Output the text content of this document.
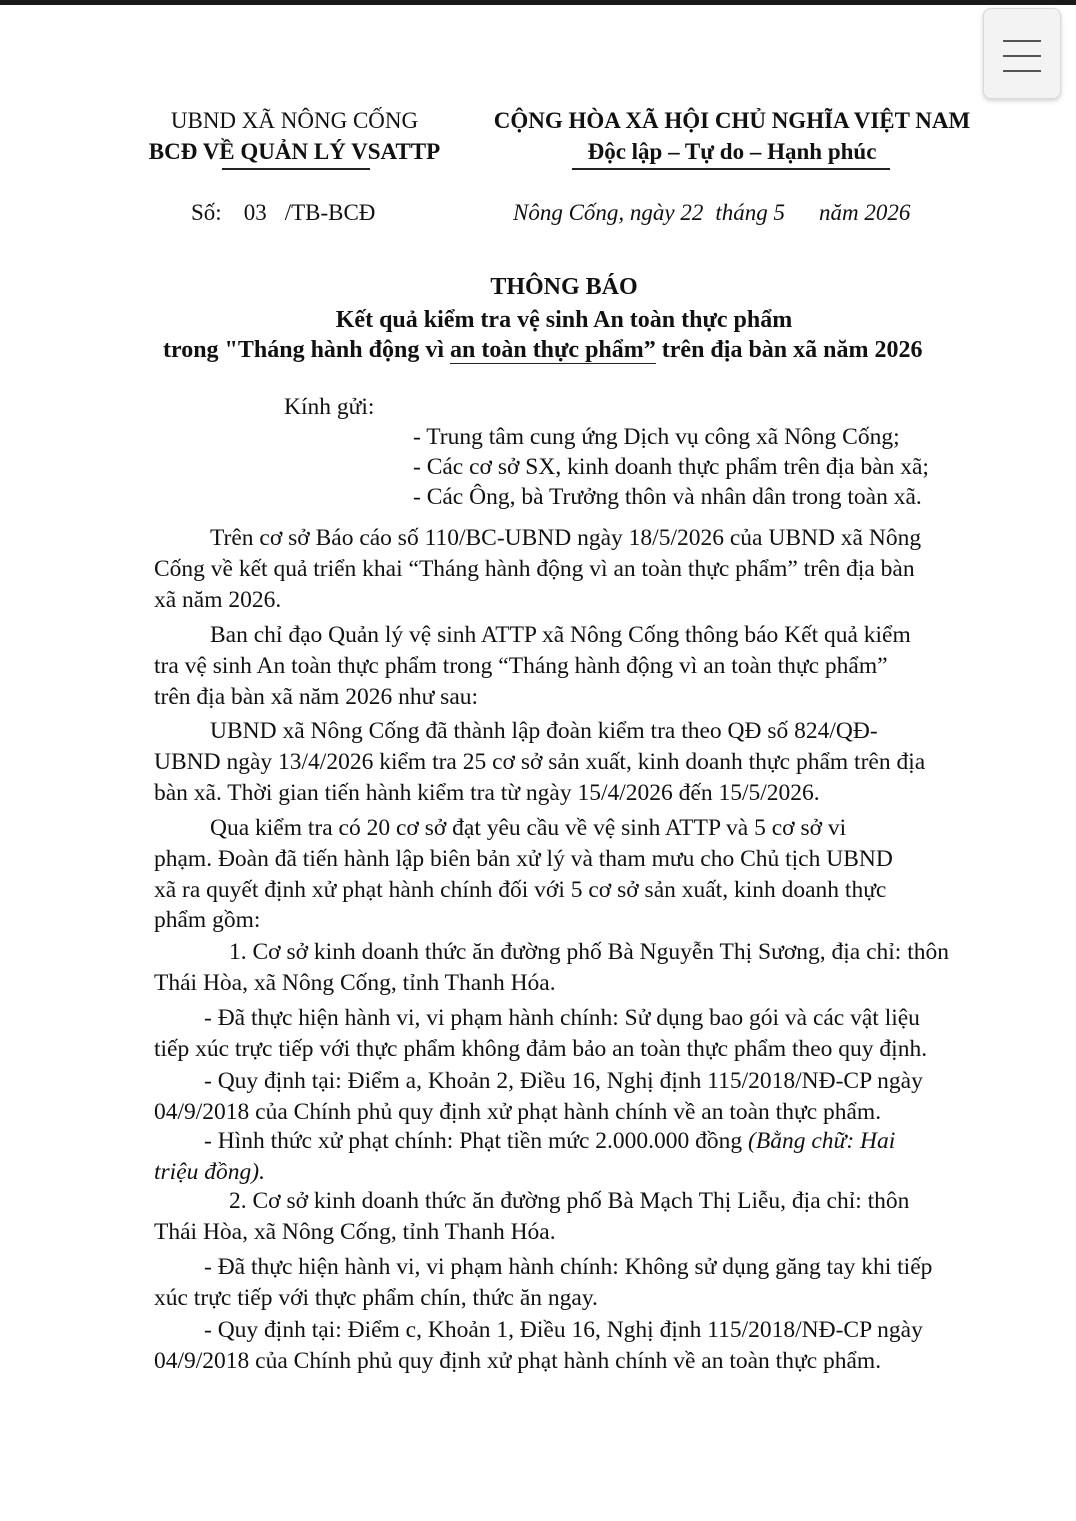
UBND XÃ NÔNG CỐNG
BCĐ VỀ QUẢN LÝ VSATTP
CỘNG HÒA XÃ HỘI CHỦ NGHĨA VIỆT NAM
Độc lập – Tự do – Hạnh phúc
Số: 03 /TB-BCĐ	Nông Cống, ngày 22 tháng 5 năm 2026
THÔNG BÁO
Kết quả kiểm tra vệ sinh An toàn thực phẩm
trong "Tháng hành động vì an toàn thực phẩm” trên địa bàn xã năm 2026
Kính gửi:
- Trung tâm cung ứng Dịch vụ công xã Nông Cống;
- Các cơ sở SX, kinh doanh thực phẩm trên địa bàn xã;
- Các Ông, bà Trưởng thôn và nhân dân trong toàn xã.
Trên cơ sở Báo cáo số 110/BC-UBND ngày 18/5/2026 của UBND xã Nông
Cống về kết quả triển khai “Tháng hành động vì an toàn thực phẩm” trên địa bàn
xã năm 2026.
Ban chỉ đạo Quản lý vệ sinh ATTP xã Nông Cống thông báo Kết quả kiểm
tra vệ sinh An toàn thực phẩm trong “Tháng hành động vì an toàn thực phẩm”
trên địa bàn xã năm 2026 như sau:
UBND xã Nông Cống đã thành lập đoàn kiểm tra theo QĐ số 824/QĐ-
UBND ngày 13/4/2026 kiểm tra 25 cơ sở sản xuất, kinh doanh thực phẩm trên địa
bàn xã. Thời gian tiến hành kiểm tra từ ngày 15/4/2026 đến 15/5/2026.
Qua kiểm tra có 20 cơ sở đạt yêu cầu về vệ sinh ATTP và 5 cơ sở vi
phạm. Đoàn đã tiến hành lập biên bản xử lý và tham mưu cho Chủ tịch UBND
xã ra quyết định xử phạt hành chính đối với 5 cơ sở sản xuất, kinh doanh thực
phẩm gồm:
1. Cơ sở kinh doanh thức ăn đường phố Bà Nguyễn Thị Sương, địa chỉ: thôn
Thái Hòa, xã Nông Cống, tỉnh Thanh Hóa.
- Đã thực hiện hành vi, vi phạm hành chính: Sử dụng bao gói và các vật liệu
tiếp xúc trực tiếp với thực phẩm không đảm bảo an toàn thực phẩm theo quy định.
- Quy định tại: Điểm a, Khoản 2, Điều 16, Nghị định 115/2018/NĐ-CP ngày
04/9/2018 của Chính phủ quy định xử phạt hành chính về an toàn thực phẩm.
- Hình thức xử phạt chính: Phạt tiền mức 2.000.000 đồng (Bằng chữ: Hai
triệu đồng).
2. Cơ sở kinh doanh thức ăn đường phố Bà Mạch Thị Liễu, địa chỉ: thôn
Thái Hòa, xã Nông Cống, tỉnh Thanh Hóa.
- Đã thực hiện hành vi, vi phạm hành chính: Không sử dụng găng tay khi tiếp
xúc trực tiếp với thực phẩm chín, thức ăn ngay.
- Quy định tại: Điểm c, Khoản 1, Điều 16, Nghị định 115/2018/NĐ-CP ngày
04/9/2018 của Chính phủ quy định xử phạt hành chính về an toàn thực phẩm.
